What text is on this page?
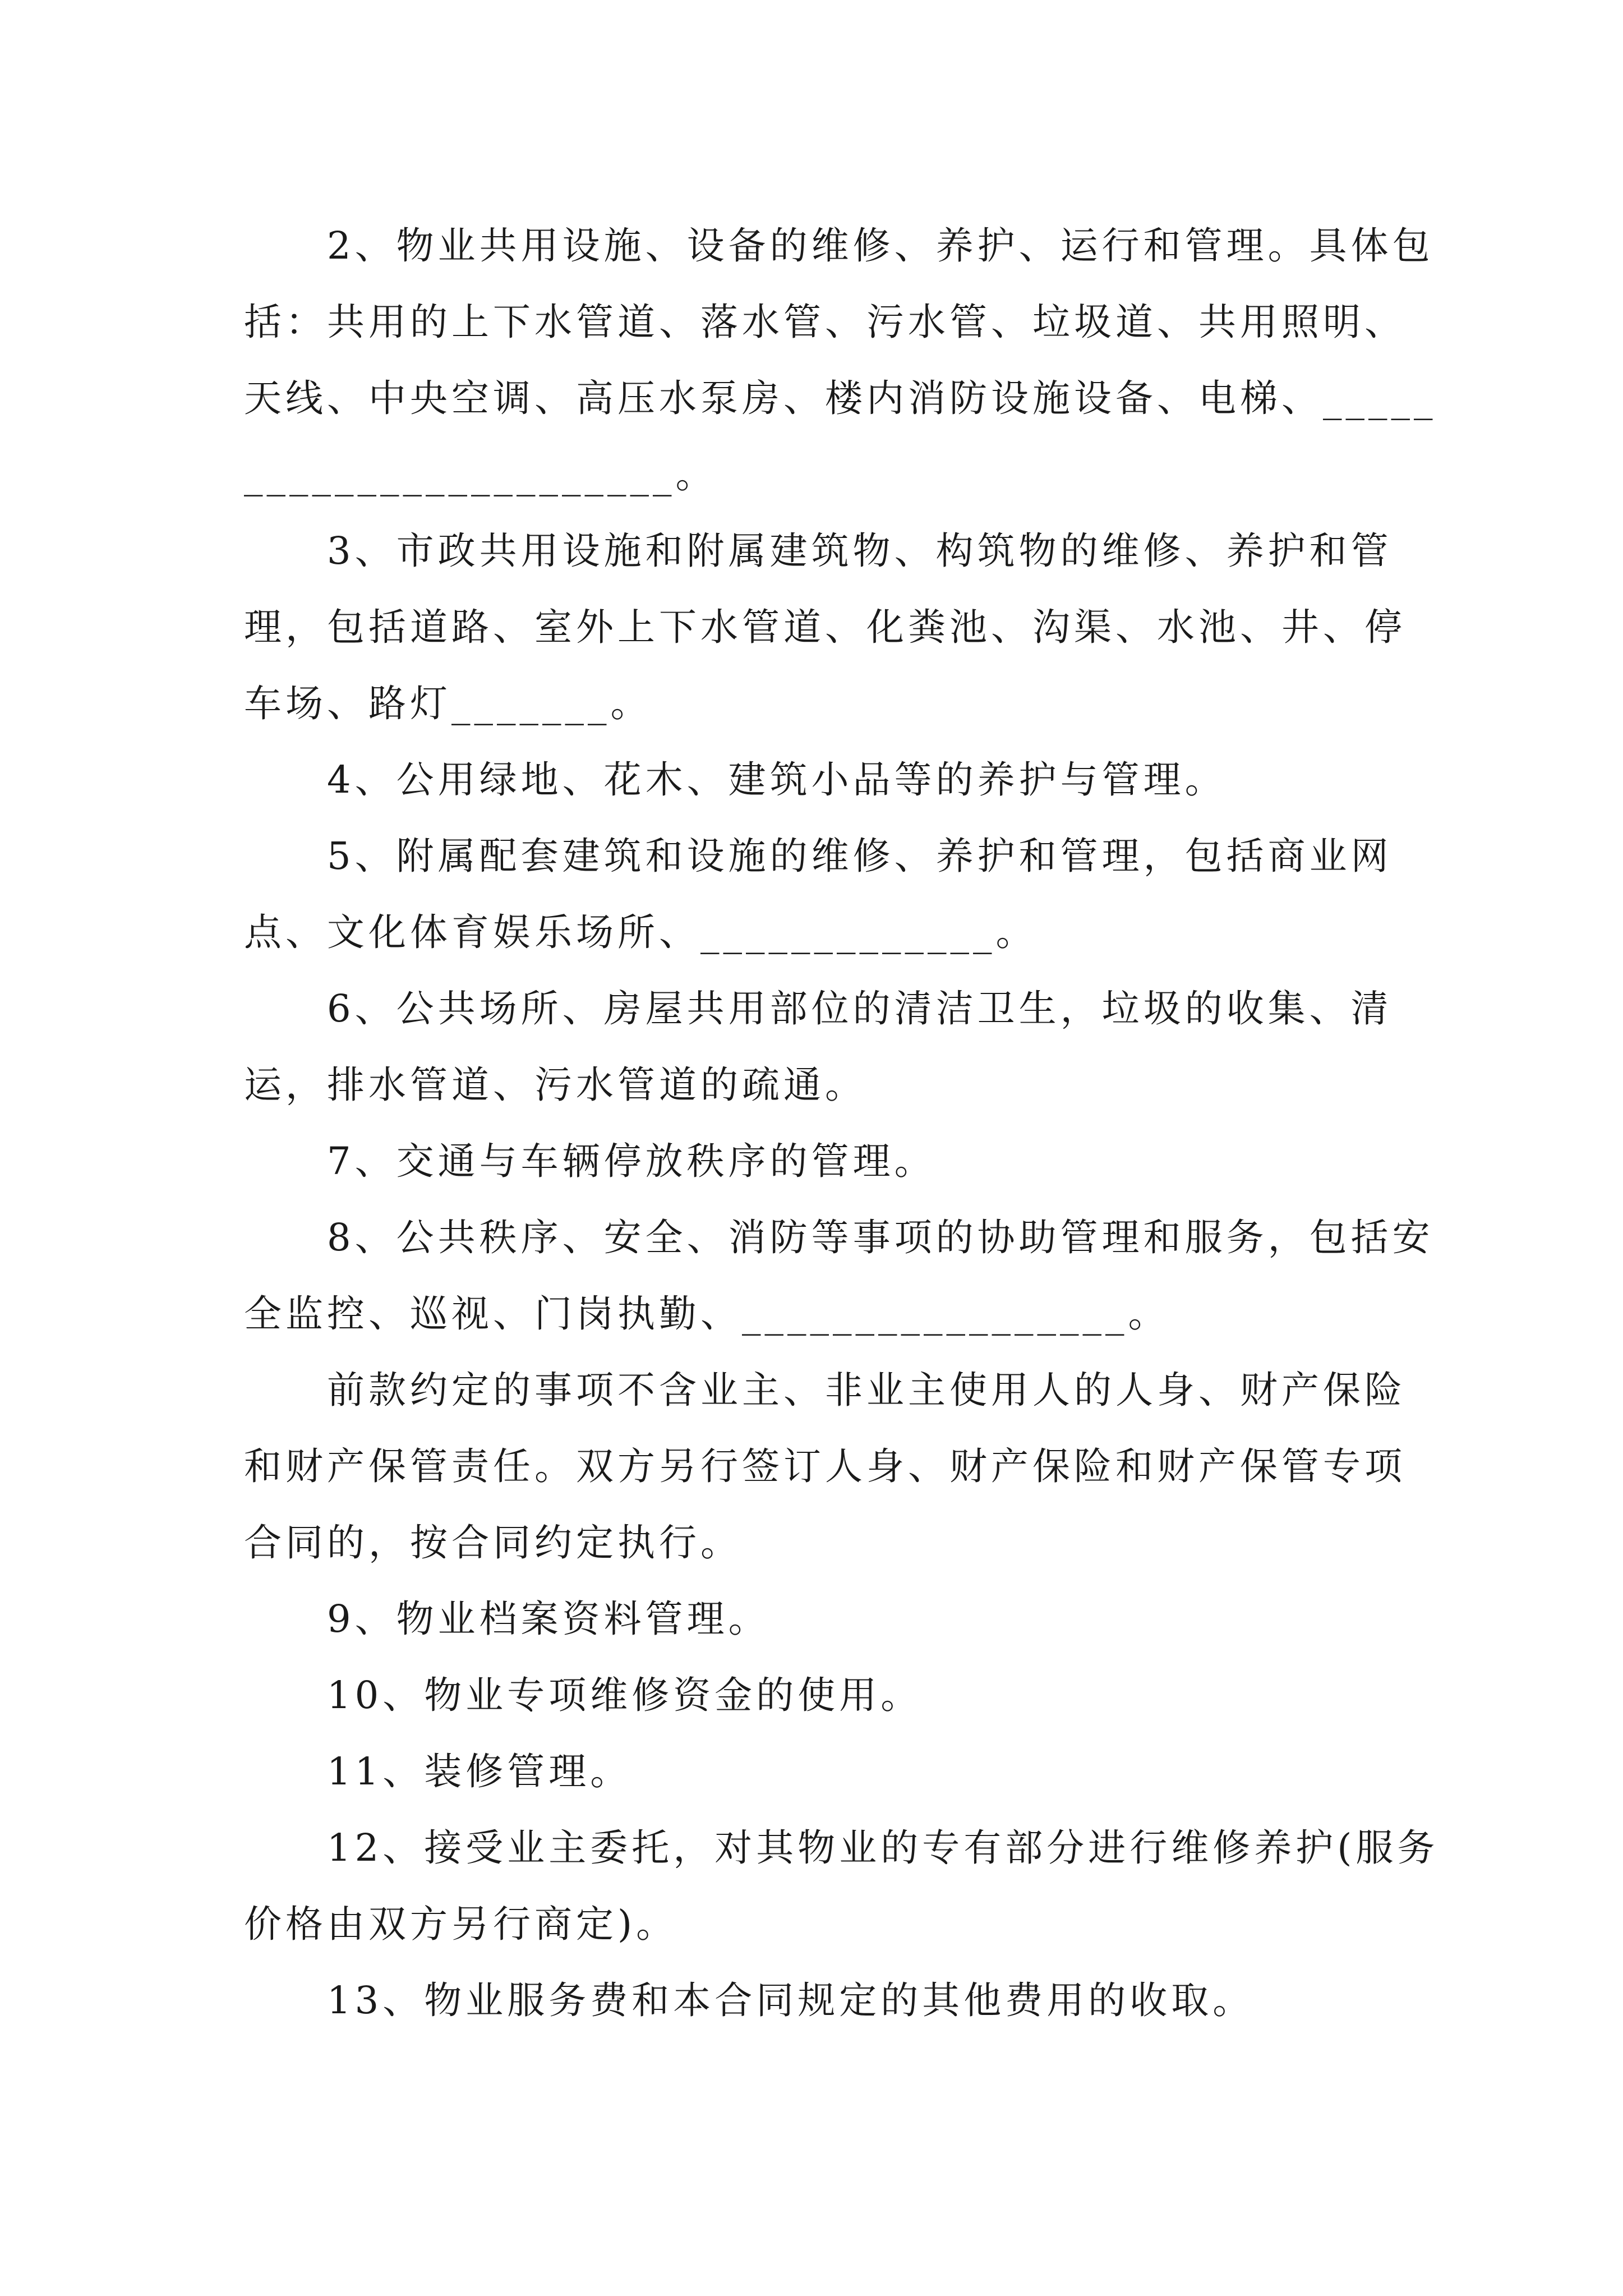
2、物业共用设施、设备的维修、养护、运行和管理。具体包括：共用的上下水管道、落水管、污水管、垃圾道、共用照明、天线、中央空调、高压水泵房、楼内消防设施设备、电梯、________________________。

3、市政共用设施和附属建筑物、构筑物的维修、养护和管理，包括道路、室外上下水管道、化粪池、沟渠、水池、井、停车场、路灯_______。

4、公用绿地、花木、建筑小品等的养护与管理。

5、附属配套建筑和设施的维修、养护和管理，包括商业网点、文化体育娱乐场所、_____________。

6、公共场所、房屋共用部位的清洁卫生，垃圾的收集、清运，排水管道、污水管道的疏通。

7、交通与车辆停放秩序的管理。

8、公共秩序、安全、消防等事项的协助管理和服务，包括安全监控、巡视、门岗执勤、_________________。

前款约定的事项不含业主、非业主使用人的人身、财产保险和财产保管责任。双方另行签订人身、财产保险和财产保管专项合同的，按合同约定执行。

9、物业档案资料管理。

10、物业专项维修资金的使用。

11、装修管理。

12、接受业主委托，对其物业的专有部分进行维修养护(服务价格由双方另行商定)。

13、物业服务费和本合同规定的其他费用的收取。
